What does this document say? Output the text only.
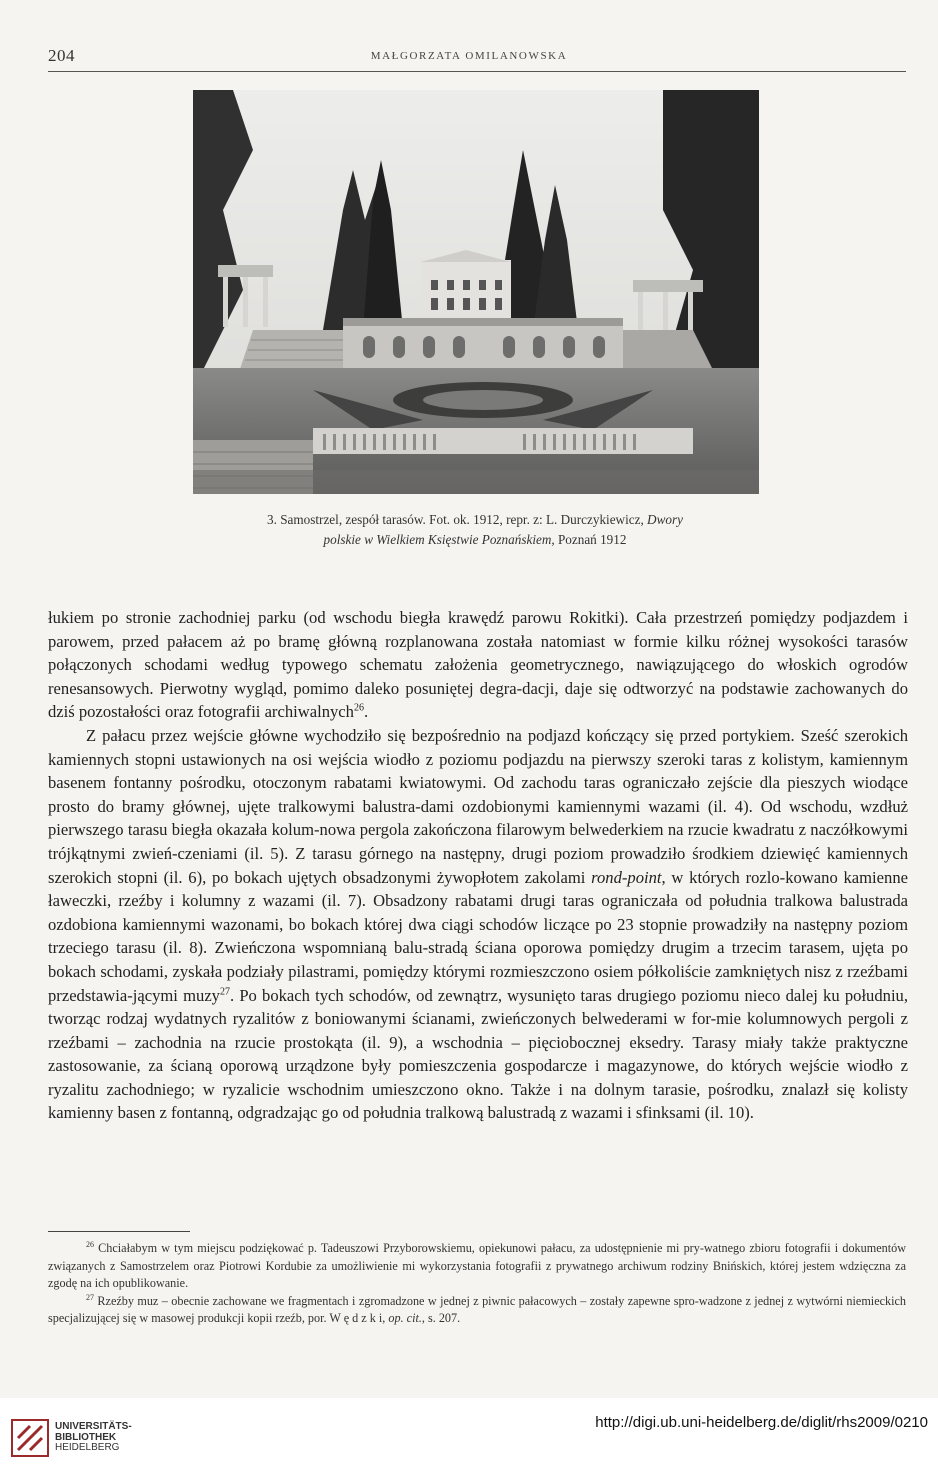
204	MAŁGORZATA OMILANOWSKA
3. Samostrzel, zespół tarasów. Fot. ok. 1912, repr. z: L. Durczykiewicz, Dwory
polskie w Wielkiem Księstwie Poznańskiem, Poznań 1912

łukiem po stronie zachodniej parku (od wschodu biegła krawędź parowu Rokitki). Cała przestrzeń pomiędzy podjazdem i parowem, przed pałacem aż po bramę główną rozplanowana została natomiast w formie kilku różnej wysokości tarasów połączonych schodami według typowego schematu założenia geometrycznego, nawiązującego do włoskich ogrodów renesansowych. Pierwotny wygląd, pomimo daleko posuniętej degra-dacji, daje się odtworzyć na podstawie zachowanych do dziś pozostałości oraz fotografii archiwalnych$^{26}$.

Z pałacu przez wejście główne wychodziło się bezpośrednio na podjazd kończący się przed portykiem. Sześć szerokich kamiennych stopni ustawionych na osi wejścia wiodło z poziomu podjazdu na pierwszy szeroki taras z kolistym, kamiennym basenem fontanny pośrodku, otoczonym rabatami kwiatowymi. Od zachodu taras ograniczało zejście dla pieszych wiodące prosto do bramy głównej, ujęte tralkowymi balustra-dami ozdobionymi kamiennymi wazami (il. 4). Od wschodu, wzdłuż pierwszego tarasu biegła okazała kolum-nowa pergola zakończona filarowym belwederkiem na rzucie kwadratu z naczółkowymi trójkątnymi zwień-czeniami (il. 5). Z tarasu górnego na następny, drugi poziom prowadziło środkiem dziewięć kamiennych szerokich stopni (il. 6), po bokach ujętych obsadzonymi żywopłotem zakolami rond-point, w których rozlo-kowano kamienne ławeczki, rzeźby i kolumny z wazami (il. 7). Obsadzony rabatami drugi taras ograniczała od południa tralkowa balustrada ozdobiona kamiennymi wazonami, bo bokach której dwa ciągi schodów liczące po 23 stopnie prowadziły na następny poziom trzeciego tarasu (il. 8). Zwieńczona wspomnianą balu-stradą ściana oporowa pomiędzy drugim a trzecim tarasem, ujęta po bokach schodami, zyskała podziały pilastrami, pomiędzy którymi rozmieszczono osiem półkoliście zamkniętych nisz z rzeźbami przedstawia-jącymi muzy$^{27}$. Po bokach tych schodów, od zewnątrz, wysunięto taras drugiego poziomu nieco dalej ku południu, tworząc rodzaj wydatnych ryzalitów z boniowanymi ścianami, zwieńczonych belwederami w for-mie kolumnowych pergoli z rzeźbami – zachodnia na rzucie prostokąta (il. 9), a wschodnia – pięciobocznej eksedry. Tarasy miały także praktyczne zastosowanie, za ścianą oporową urządzone były pomieszczenia gospodarcze i magazynowe, do których wejście wiodło z ryzalitu zachodniego; w ryzalicie wschodnim umieszczono okno. Także i na dolnym tarasie, pośrodku, znalazł się kolisty kamienny basen z fontanną, odgradzając go od południa tralkową balustradą z wazami i sfinksami (il. 10).

$^{26}$ Chciałabym w tym miejscu podziękować p. Tadeuszowi Przyborowskiemu, opiekunowi pałacu, za udostępnienie mi pry-watnego zbioru fotografii i dokumentów związanych z Samostrzelem oraz Piotrowi Kordubie za umożliwienie mi wykorzystania fotografii z prywatnego archiwum rodziny Bnińskich, której jestem wdzięczna za zgodę na ich opublikowanie.

$^{27}$ Rzeźby muz – obecnie zachowane we fragmentach i zgromadzone w jednej z piwnic pałacowych – zostały zapewne spro-wadzone z jednej z wytwórni niemieckich specjalizującej się w masowej produkcji kopii rzeźb, por. W ę d z k i, op. cit., s. 207.

UNIVERSITÄTS-
BIBLIOTHEK
HEIDELBERG
http://digi.ub.uni-heidelberg.de/diglit/rhs2009/0210
